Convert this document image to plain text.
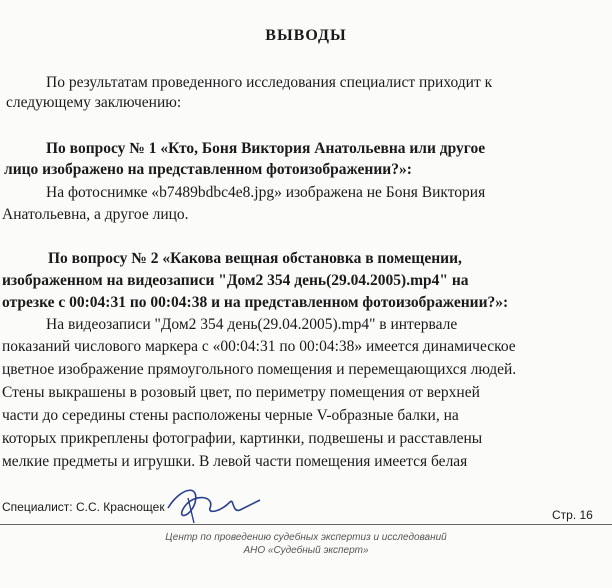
ВЫВОДЫ
По результатам проведенного исследования специалист приходит к
следующему заключению:
По вопросу № 1 «Кто, Боня Виктория Анатольевна или другое
лицо изображено на представленном фотоизображении?»:
На фотоснимке «b7489bdbc4e8.jpg» изображена не Боня Виктория
Анатольевна, а другое лицо.
По вопросу № 2 «Какова вещная обстановка в помещении,
изображенном на видеозаписи "Дом2 354 день(29.04.2005).mp4" на
отрезке с 00:04:31 по 00:04:38 и на представленном фотоизображении?»:
На видеозаписи "Дом2 354 день(29.04.2005).mp4" в интервале
показаний числового маркера с «00:04:31 по 00:04:38» имеется динамическое
цветное изображение прямоугольного помещения и перемещающихся людей.
Стены выкрашены в розовый цвет, по периметру помещения от верхней
части до середины стены расположены черные V-образные балки, на
которых прикреплены фотографии, картинки, подвешены и расставлены
мелкие предметы и игрушки. В левой части помещения имеется белая
Специалист: С.С. Краснощек
Стр. 16
Центр по проведению судебных экспертиз и исследований
АНО «Судебный эксперт»
